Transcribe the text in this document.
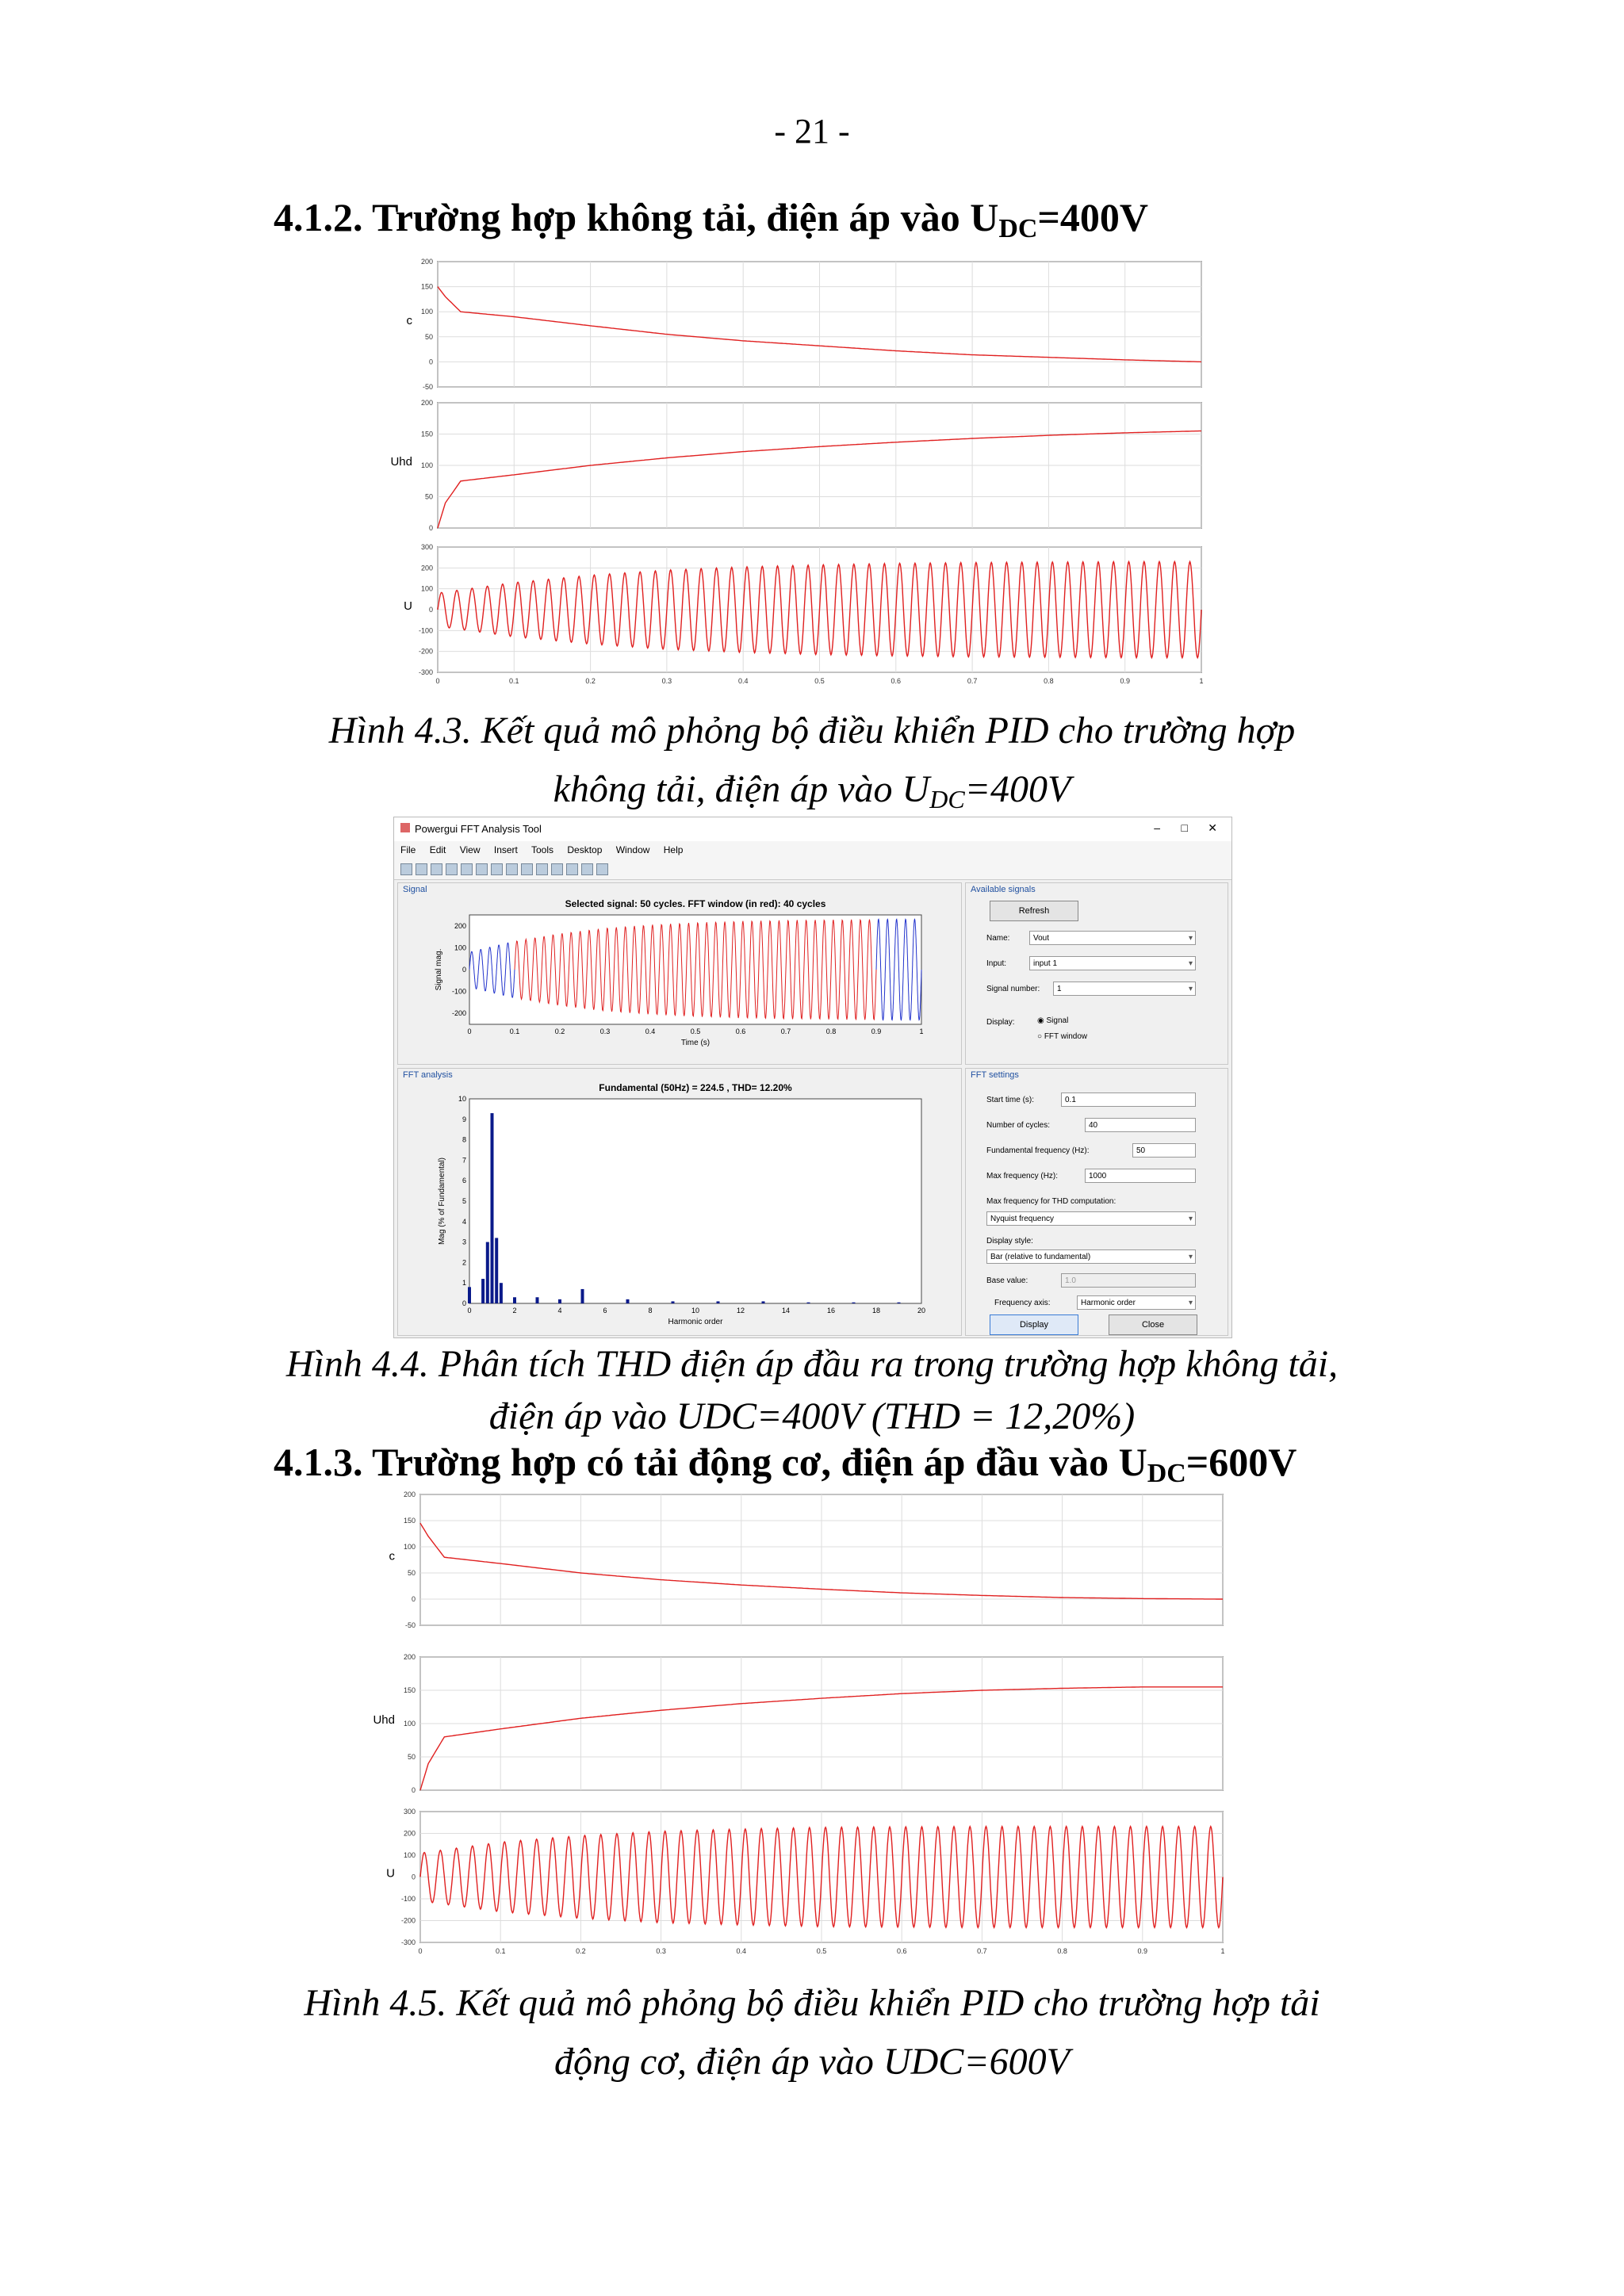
- 21 -
4.1.2. Trường hợp không tải, điện áp vào $U_{DC}=400V$
200
150
100
50
0
-50
c
200
150
100
50
0
Uhd
300
200
100
0
-100
-200
-300
U
0	0.1	0.2	0.3	0.4	0.5	0.6	0.7	0.8	0.9	1
Hình 4.3. Kết quả mô phỏng bộ điều khiển PID cho trường hợp
không tải, điện áp vào $U_{DC}=400V$
Powergui FFT Analysis Tool	– □ ✕
File Edit View Insert Tools Desktop Window Help
Signal
Selected signal: 50 cycles. FFT window (in red): 40 cycles
200
100
0
-100
-200
0	0.1	0.2	0.3	0.4	0.5	0.6	0.7	0.8	0.9	1
Time (s)
Signal mag.
FFT analysis
Fundamental (50Hz) = 224.5 , THD= 12.20%
10
9
8
7
6
5
4
3
2
1
0
0	2	4	6	8	10	12	14	16	18	20
Harmonic order
Mag (% of Fundamental)
Available signals
Refresh
Name:	Vout ▾
Input:	input 1 ▾
Signal number:	1 ▾
Display:	◉ Signal
○ FFT window
FFT settings
Start time (s):	0.1
Number of cycles:	40
Fundamental frequency (Hz):	50
Max frequency (Hz):	1000
Max frequency for THD computation:
Nyquist frequency ▾
Display style:
Bar (relative to fundamental) ▾
Base value:	1.0
Frequency axis:	Harmonic order ▾
Display	Close
Hình 4.4. Phân tích THD điện áp đầu ra trong trường hợp không tải,
điện áp vào UDC=400V (THD = 12,20%)
4.1.3. Trường hợp có tải động cơ, điện áp đầu vào $U_{DC}=600V$
200
150
100
50
0
-50
c
200
150
100
50
0
Uhd
300
200
100
0
-100
-200
-300
U
0	0.1	0.2	0.3	0.4	0.5	0.6	0.7	0.8	0.9	1
Hình 4.5. Kết quả mô phỏng bộ điều khiển PID cho trường hợp tải
động cơ, điện áp vào UDC=600V
